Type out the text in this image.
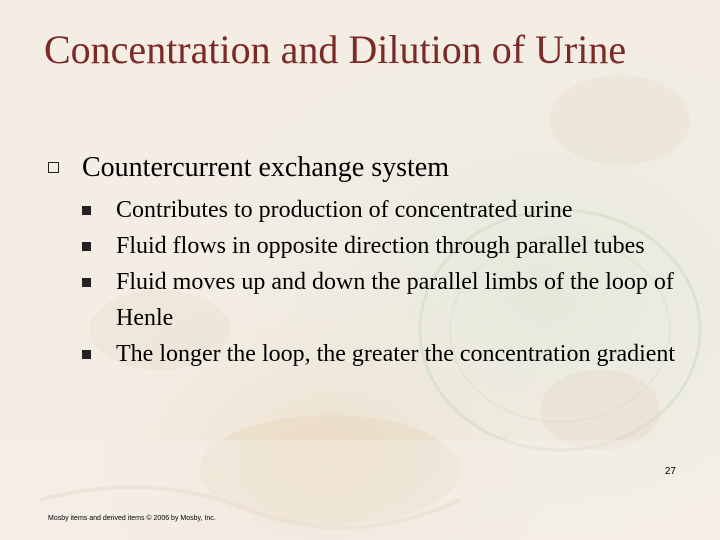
Concentration and Dilution of Urine
Countercurrent exchange system
Contributes to production of concentrated urine
Fluid flows in opposite direction through parallel tubes
Fluid moves up and down the parallel limbs of the loop of Henle
The longer the loop, the greater the concentration gradient
27
Mosby items and derived items © 2006 by Mosby, Inc.
